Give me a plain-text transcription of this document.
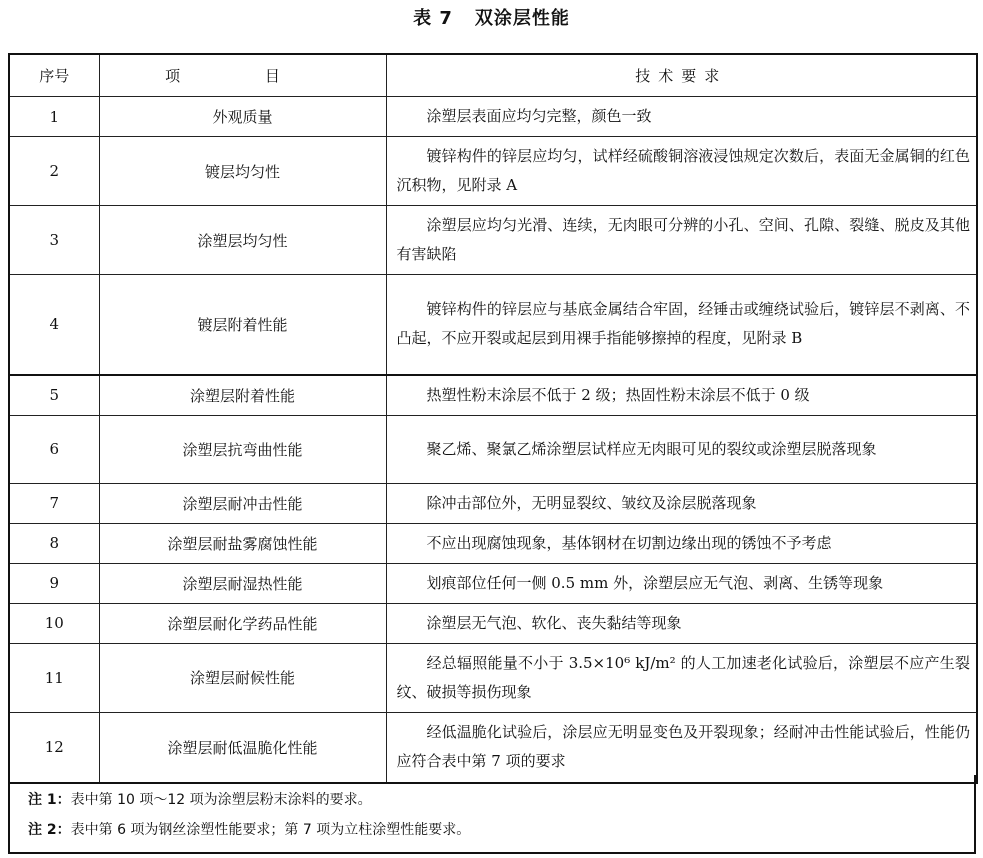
表 7 双涂层性能
序号	项 目	技术要求
1	外观质量	涂塑层表面应均匀完整，颜色一致
2	镀层均匀性	镀锌构件的锌层应均匀，试样经硫酸铜溶液浸蚀规定次数后，表面无金属铜的红色沉积物，见附录 A
3	涂塑层均匀性	涂塑层应均匀光滑、连续，无肉眼可分辨的小孔、空间、孔隙、裂缝、脱皮及其他有害缺陷
4	镀层附着性能	镀锌构件的锌层应与基底金属结合牢固，经锤击或缠绕试验后，镀锌层不剥离、不凸起，不应开裂或起层到用裸手指能够擦掉的程度，见附录 B
5	涂塑层附着性能	热塑性粉末涂层不低于 2 级；热固性粉末涂层不低于 0 级
6	涂塑层抗弯曲性能	聚乙烯、聚氯乙烯涂塑层试样应无肉眼可见的裂纹或涂塑层脱落现象
7	涂塑层耐冲击性能	除冲击部位外，无明显裂纹、皱纹及涂层脱落现象
8	涂塑层耐盐雾腐蚀性能	不应出现腐蚀现象，基体钢材在切割边缘出现的锈蚀不予考虑
9	涂塑层耐湿热性能	划痕部位任何一侧 0.5 mm 外，涂塑层应无气泡、剥离、生锈等现象
10	涂塑层耐化学药品性能	涂塑层无气泡、软化、丧失黏结等现象
11	涂塑层耐候性能	经总辐照能量不小于 3.5×10⁶ kJ/m² 的人工加速老化试验后，涂塑层不应产生裂纹、破损等损伤现象
12	涂塑层耐低温脆化性能	经低温脆化试验后，涂层应无明显变色及开裂现象；经耐冲击性能试验后，性能仍应符合表中第 7 项的要求
注 1：表中第 10 项～12 项为涂塑层粉末涂料的要求。
注 2：表中第 6 项为钢丝涂塑性能要求；第 7 项为立柱涂塑性能要求。
